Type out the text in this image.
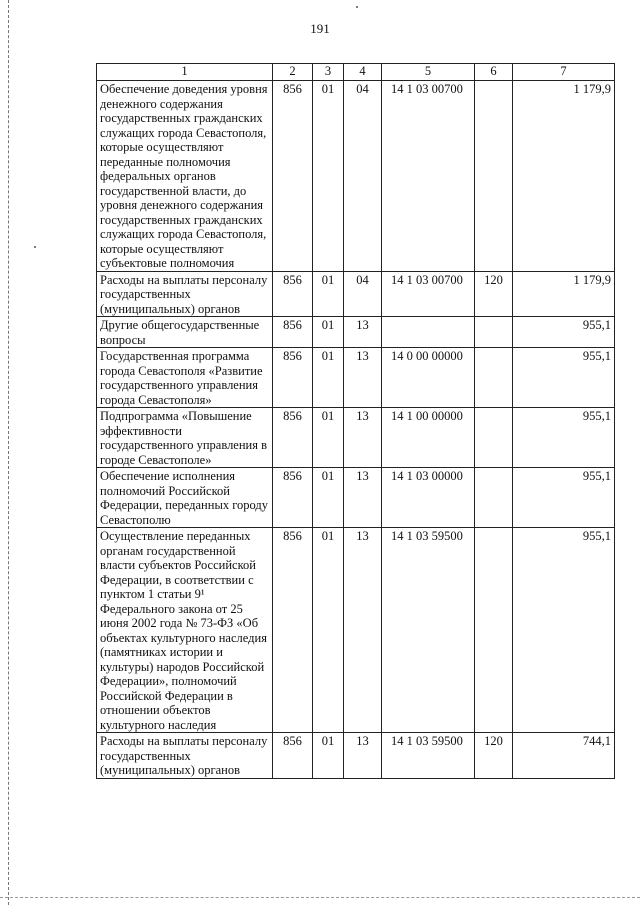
191
1	2	3	4	5	6	7
Обеспечение доведения уровня денежного содержания государственных гражданских служащих города Севастополя, которые осуществляют переданные полномочия федеральных органов государственной власти, до уровня денежного содержания государственных гражданских служащих города Севастополя, которые осуществляют субъектовые полномочия	856	01	04	14 1 03 00700		1 179,9
Расходы на выплаты персоналу государственных (муниципальных) органов	856	01	04	14 1 03 00700	120	1 179,9
Другие общегосударственные вопросы	856	01	13			955,1
Государственная программа города Севастополя «Развитие государственного управления города Севастополя»	856	01	13	14 0 00 00000		955,1
Подпрограмма «Повышение эффективности государственного управления в городе Севастополе»	856	01	13	14 1 00 00000		955,1
Обеспечение исполнения полномочий Российской Федерации, переданных городу Севастополю	856	01	13	14 1 03 00000		955,1
Осуществление переданных органам государственной власти субъектов Российской Федерации, в соответствии с пунктом 1 статьи 9¹ Федерального закона от 25 июня 2002 года № 73-ФЗ «Об объектах культурного наследия (памятниках истории и культуры) народов Российской Федерации», полномочий Российской Федерации в отношении объектов культурного наследия	856	01	13	14 1 03 59500		955,1
Расходы на выплаты персоналу государственных (муниципальных) органов	856	01	13	14 1 03 59500	120	744,1
